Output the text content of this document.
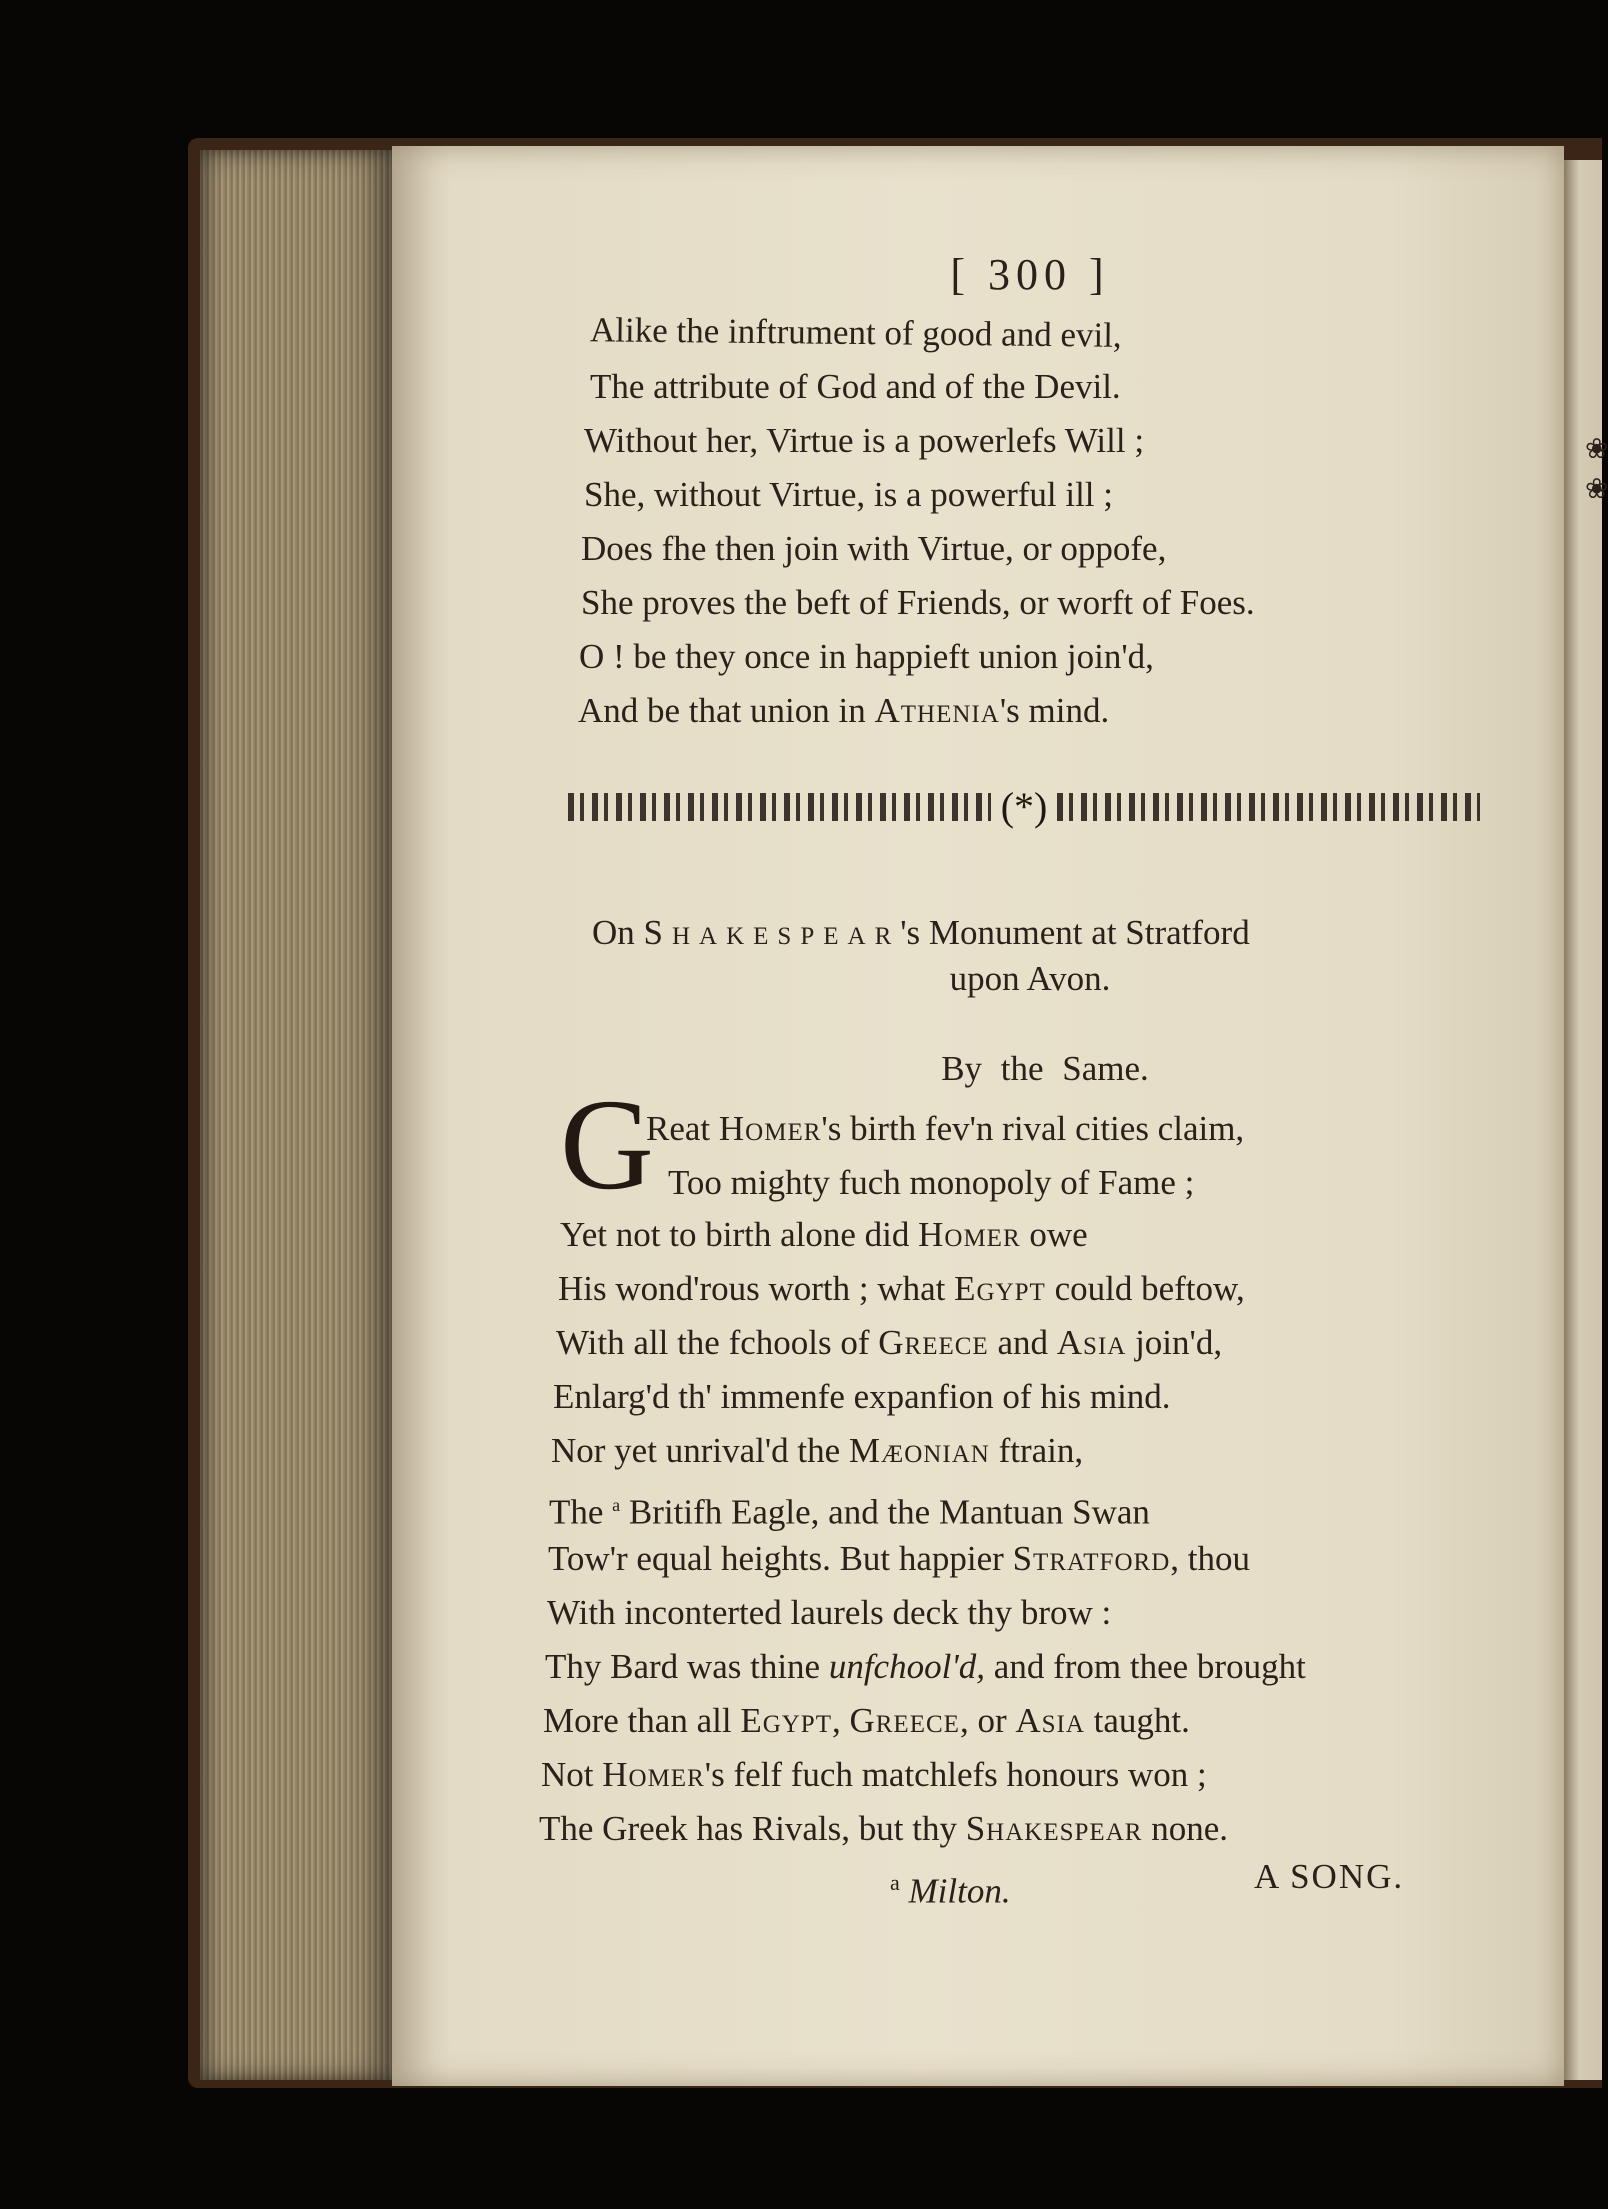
❀
❀
[ 300 ]
Alike the inftrument of good and evil,
The attribute of God and of the Devil.
Without her, Virtue is a powerlefs Will ;
She, without Virtue, is a powerful ill ;
Does fhe then join with Virtue, or oppofe,
She proves the beft of Friends, or worft of Foes.
O ! be they once in happieft union join'd,
And be that union in Athenia's mind.
(*)
On Shakespear's Monument at Stratford
upon Avon.
By the Same.
G
Reat Homer's birth fev'n rival cities claim,
Too mighty fuch monopoly of Fame ;
Yet not to birth alone did Homer owe
His wond'rous worth ; what Egypt could beftow,
With all the fchools of Greece and Asia join'd,
Enlarg'd th' immenfe expanfion of his mind.
Nor yet unrival'd the Mæonian ftrain,
The $^a$ Britifh Eagle, and the Mantuan Swan
Tow'r equal heights. But happier Stratford, thou
With inconterted laurels deck thy brow :
Thy Bard was thine unfchool'd, and from thee brought
More than all Egypt, Greece, or Asia taught.
Not Homer's felf fuch matchlefs honours won ;
The Greek has Rivals, but thy Shakespear none.
$^a$ Milton.	A SONG.
